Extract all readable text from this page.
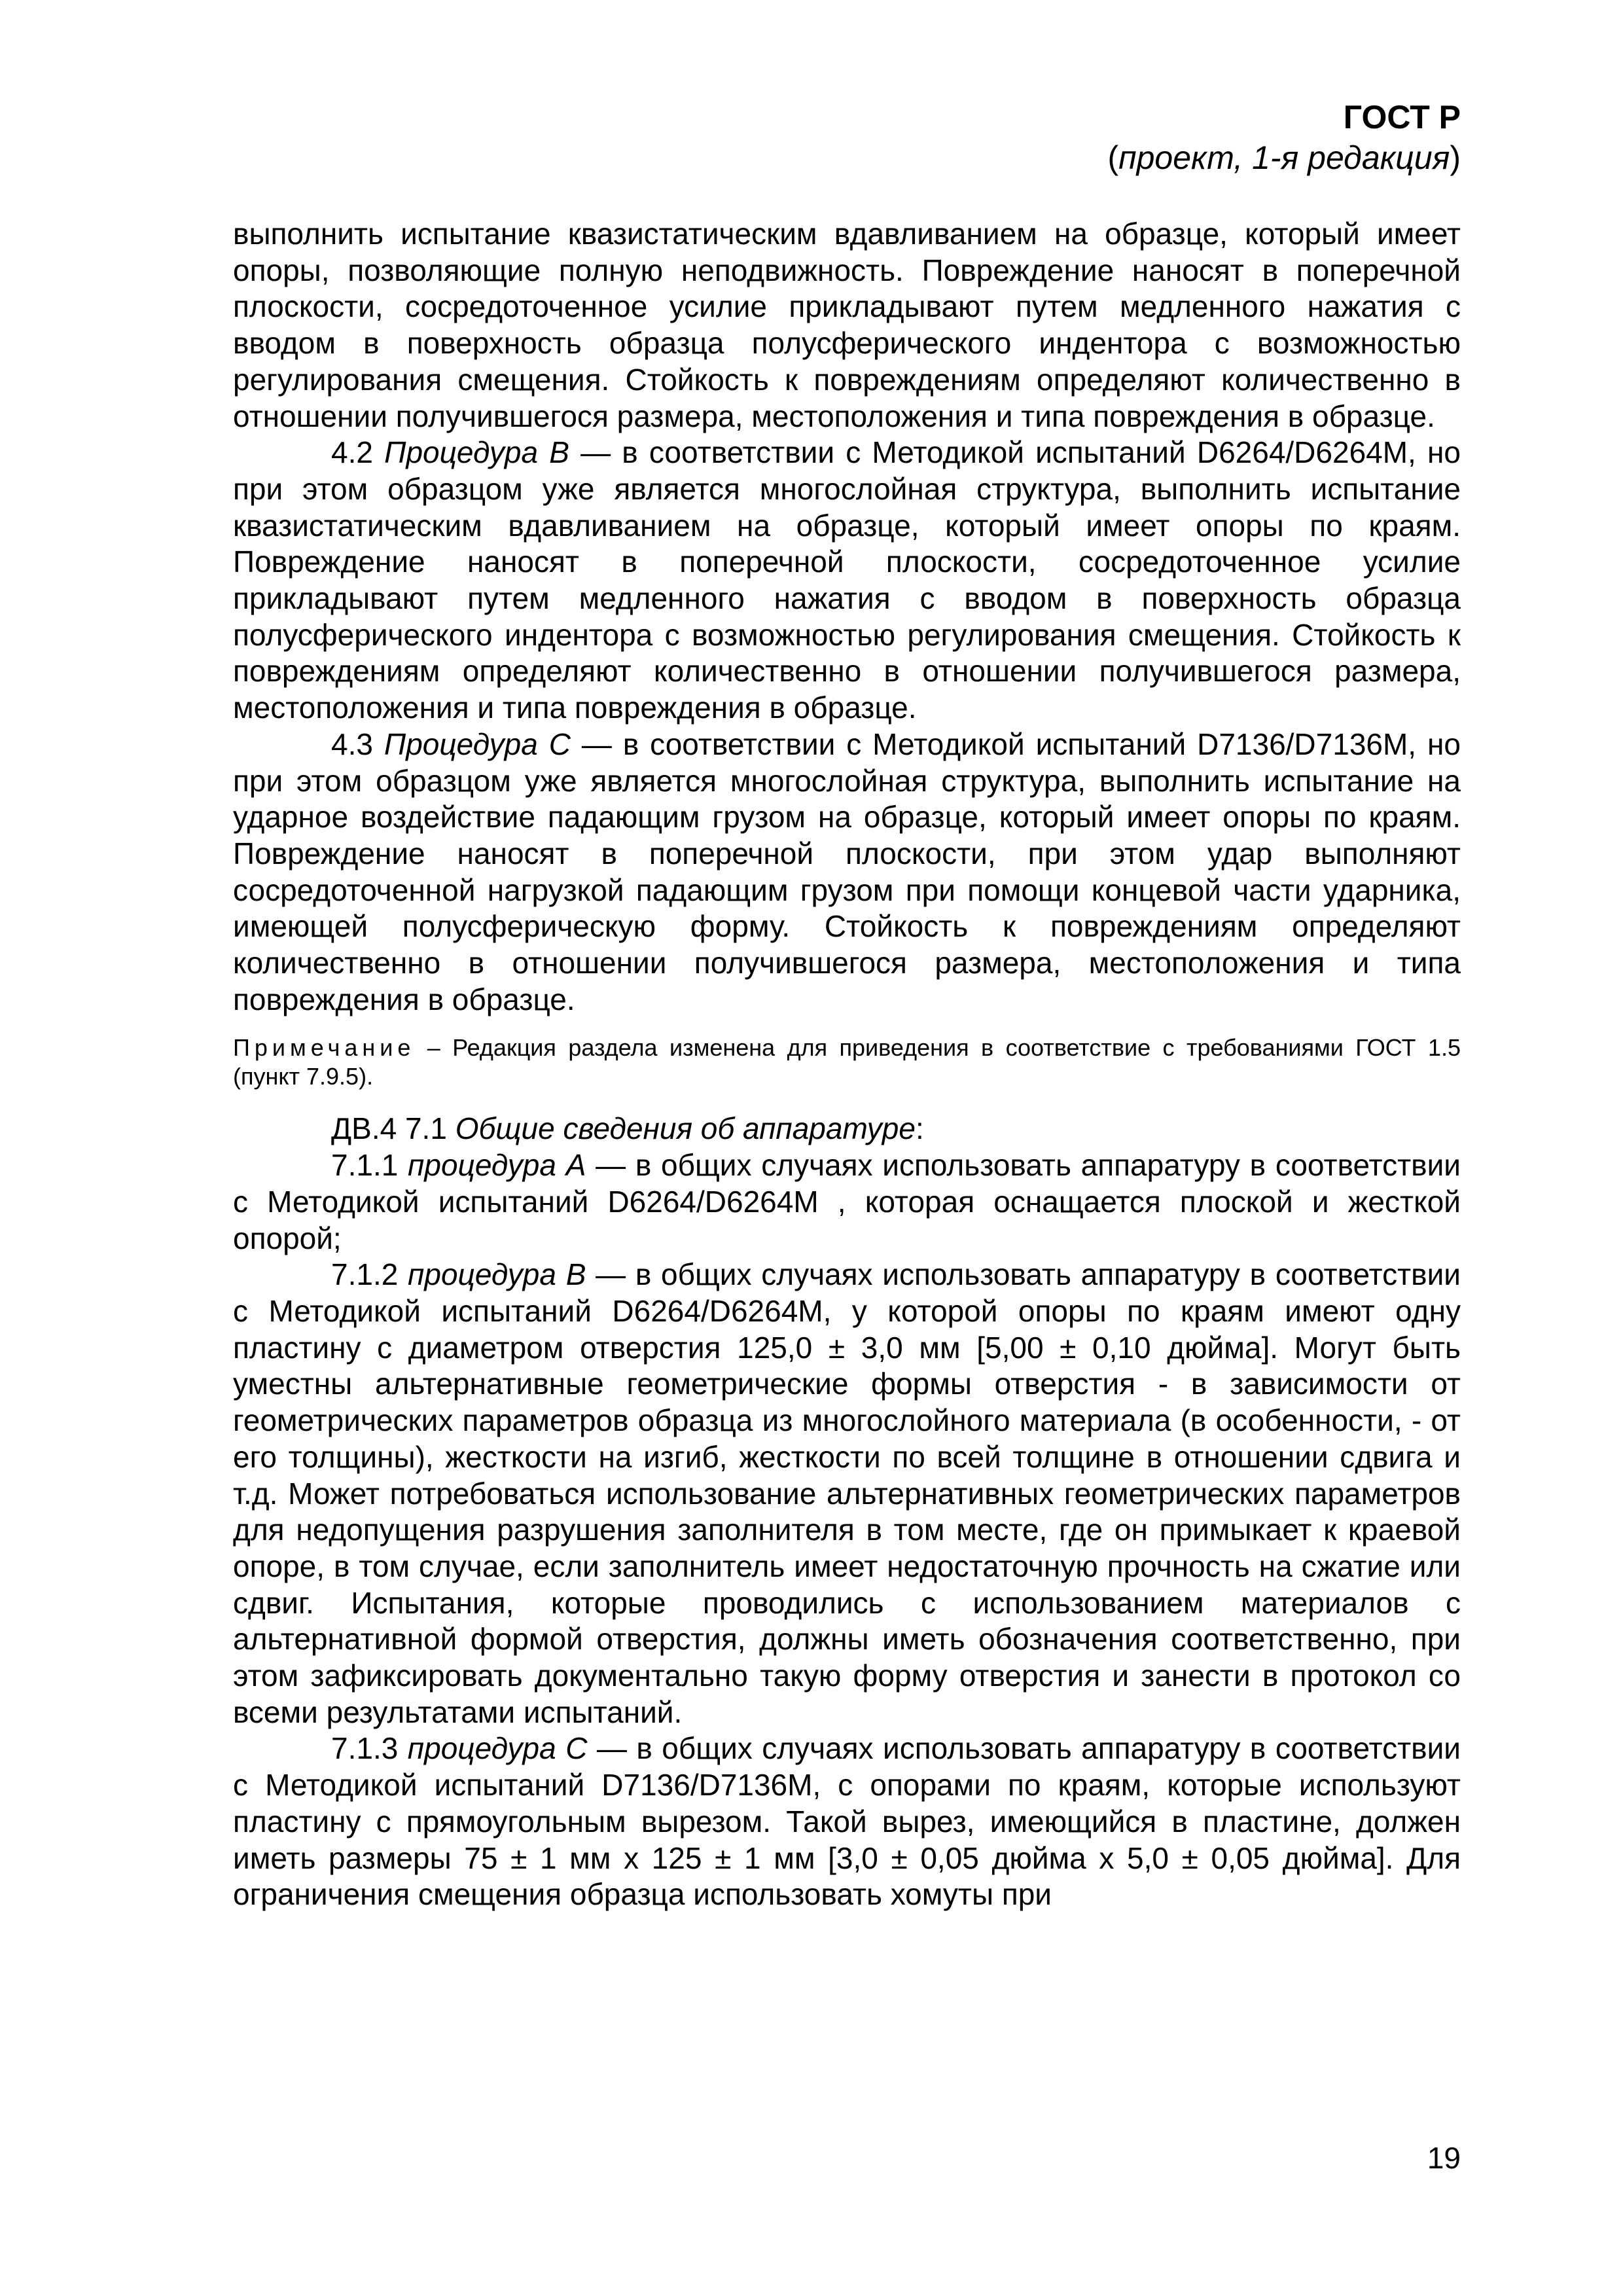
ГОСТ Р
(проект, 1-я редакция)

выполнить испытание квазистатическим вдавливанием на образце, который имеет опоры, позволяющие полную неподвижность. Повреждение наносят в поперечной плоскости, сосредоточенное усилие прикладывают путем медленного нажатия с вводом в поверхность образца полусферического индентора с возможностью регулирования смещения. Стойкость к повреждениям определяют количественно в отношении получившегося размера, местоположения и типа повреждения в образце.

4.2 Процедура В — в соответствии с Методикой испытаний D6264/D6264M, но при этом образцом уже является многослойная структура, выполнить испытание квазистатическим вдавливанием на образце, который имеет опоры по краям. Повреждение наносят в поперечной плоскости, сосредоточенное усилие прикладывают путем медленного нажатия с вводом в поверхность образца полусферического индентора с возможностью регулирования смещения. Стойкость к повреждениям определяют количественно в отношении получившегося размера, местоположения и типа повреждения в образце.

4.3 Процедура С — в соответствии с Методикой испытаний D7136/D7136M, но при этом образцом уже является многослойная структура, выполнить испытание на ударное воздействие падающим грузом на образце, который имеет опоры по краям. Повреждение наносят в поперечной плоскости, при этом удар выполняют сосредоточенной нагрузкой падающим грузом при помощи концевой части ударника, имеющей полусферическую форму. Стойкость к повреждениям определяют количественно в отношении получившегося размера, местоположения и типа повреждения в образце.

Примечание – Редакция раздела изменена для приведения в соответствие с требованиями ГОСТ 1.5 (пункт 7.9.5).

ДВ.4 7.1 Общие сведения об аппаратуре:

7.1.1 процедура А — в общих случаях использовать аппаратуру в соответствии с Методикой испытаний D6264/D6264M , которая оснащается плоской и жесткой опорой;

7.1.2 процедура В — в общих случаях использовать аппаратуру в соответствии с Методикой испытаний D6264/D6264M, у которой опоры по краям имеют одну пластину с диаметром отверстия 125,0 ± 3,0 мм [5,00 ± 0,10 дюйма]. Могут быть уместны альтернативные геометрические формы отверстия - в зависимости от геометрических параметров образца из многослойного материала (в особенности, - от его толщины), жесткости на изгиб, жесткости по всей толщине в отношении сдвига и т.д. Может потребоваться использование альтернативных геометрических параметров для недопущения разрушения заполнителя в том месте, где он примыкает к краевой опоре, в том случае, если заполнитель имеет недостаточную прочность на сжатие или сдвиг. Испытания, которые проводились с использованием материалов с альтернативной формой отверстия, должны иметь обозначения соответственно, при этом зафиксировать документально такую форму отверстия и занести в протокол со всеми результатами испытаний.

7.1.3 процедура С — в общих случаях использовать аппаратуру в соответствии с Методикой испытаний D7136/D7136M, с опорами по краям, которые используют пластину с прямоугольным вырезом. Такой вырез, имеющийся в пластине, должен иметь размеры 75 ± 1 мм х 125 ± 1 мм [3,0 ± 0,05 дюйма х 5,0 ± 0,05 дюйма]. Для ограничения смещения образца использовать хомуты при

19
